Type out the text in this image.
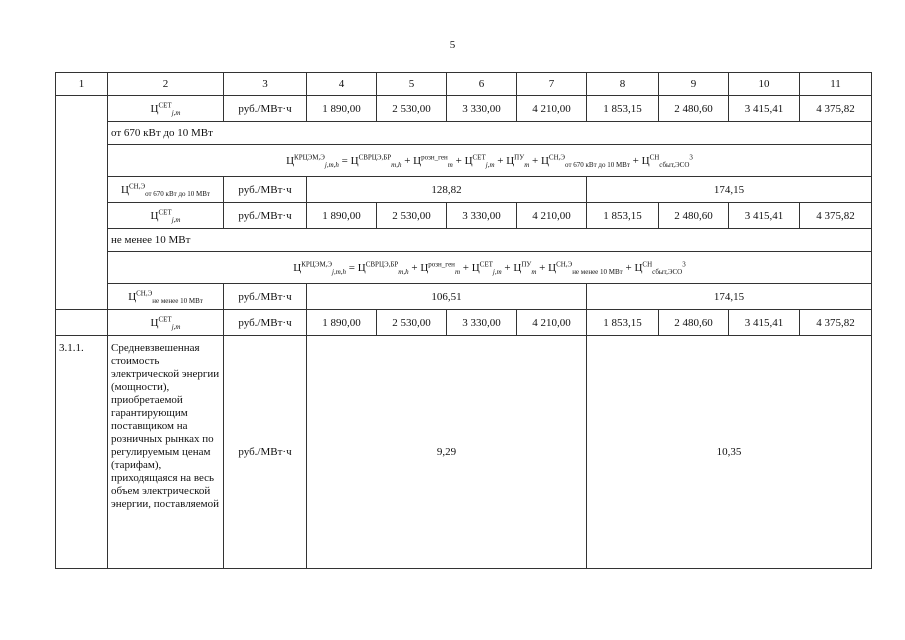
5
1	2	3	4	5	6	7	8	9	10	11
	$Ц^{СЕТ}_{j,m}$	руб./МВт·ч	1 890,00	2 530,00	3 330,00	4 210,00	1 853,15	2 480,60	3 415,41	4 375,82
	от 670 кВт до 10 МВт									
	$Ц^{КРЦЭМ,Э}_{j,m,h} = Ц^{СВРЦЭ,БР}_{m,h} + Ц^{розн\_ген}_m + Ц^{СЕТ}_{j,m} + Ц^{ПУ}_m + Ц^{СН,Э}_{от 670 кВт до 10 МВт} + Ц^{СН}_{сбыт,ЭСО}^3$
	$Ц^{СН,Э}_{от 670 кВт до 10 МВт}$	руб./МВт·ч	128,82				174,15			
	$Ц^{СЕТ}_{j,m}$	руб./МВт·ч	1 890,00	2 530,00	3 330,00	4 210,00	1 853,15	2 480,60	3 415,41	4 375,82
	не менее 10 МВт									
	$Ц^{КРЦЭМ,Э}_{j,m,h} = Ц^{СВРЦЭ,БР}_{m,h} + Ц^{розн\_ген}_m + Ц^{СЕТ}_{j,m} + Ц^{ПУ}_m + Ц^{СН,Э}_{не менее 10 МВт} + Ц^{СН}_{сбыт,ЭСО}^3$
	$Ц^{СН,Э}_{не менее 10 МВт}$	руб./МВт·ч	106,51				174,15			
	$Ц^{СЕТ}_{j,m}$	руб./МВт·ч	1 890,00	2 530,00	3 330,00	4 210,00	1 853,15	2 480,60	3 415,41	4 375,82
3.1.1.	Средневзвешенная стоимость электрической энергии (мощности), приобретаемой гарантирующим поставщиком на розничных рынках по регулируемым ценам (тарифам), приходящаяся на весь объем электрической энергии, поставляемой	руб./МВт·ч	9,29				10,35			
